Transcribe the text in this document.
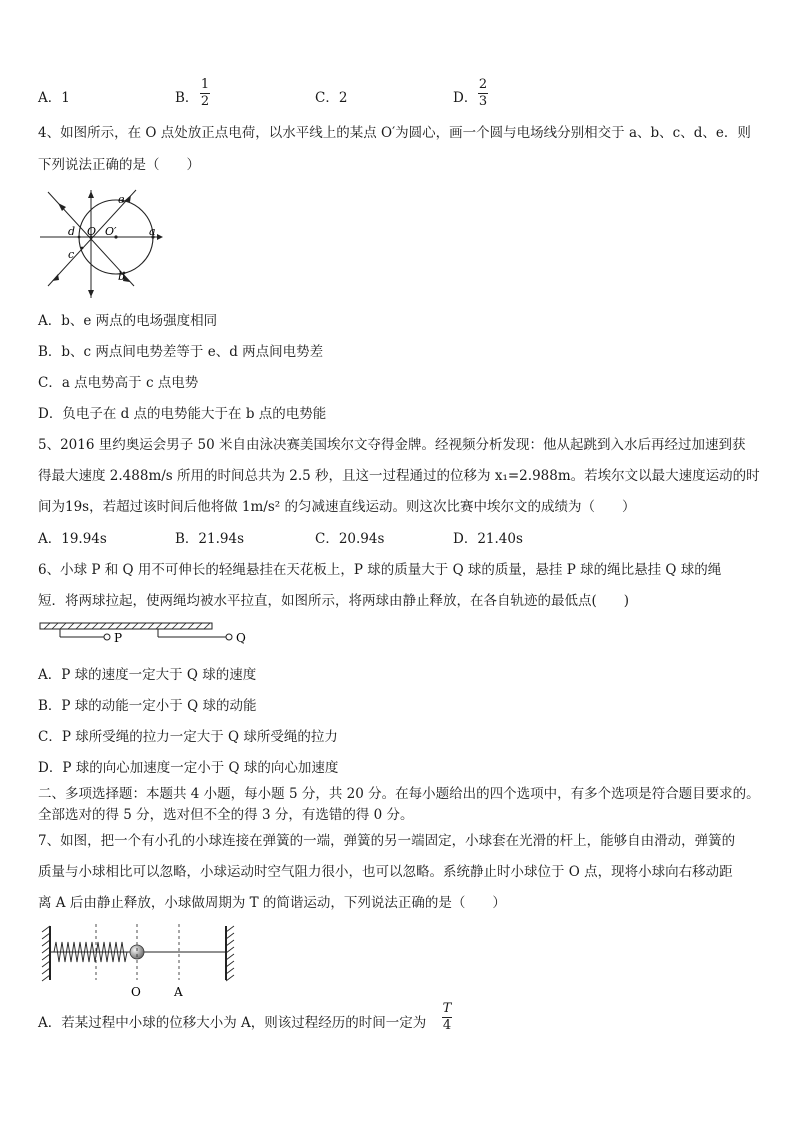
A．1	B．
1
2	C．2	D．
2
3
4、如图所示，在 O 点处放正点电荷，以水平线上的某点 O′为圆心，画一个圆与电场线分别相交于 a、b、c、d、e．则
下列说法正确的是（　　）
d O O′	a
e
c
b
A．b、e 两点的电场强度相同
B．b、c 两点间电势差等于 e、d 两点间电势差
C．a 点电势高于 c 点电势
D．负电子在 d 点的电势能大于在 b 点的电势能
5、2016 里约奥运会男子 50 米自由泳决赛美国埃尔文夺得金牌。经视频分析发现：他从起跳到入水后再经过加速到获
得最大速度 2.488m/s 所用的时间总共为 2.5 秒，且这一过程通过的位移为 x₁=2.988m。若埃尔文以最大速度运动的时
间为19s，若超过该时间后他将做 1m/s² 的匀减速直线运动。则这次比赛中埃尔文的成绩为（　　）
A．19.94s	B．21.94s	C．20.94s	D．21.40s
6、小球 P 和 Q 用不可伸长的轻绳悬挂在天花板上，P 球的质量大于 Q 球的质量，悬挂 P 球的绳比悬挂 Q 球的绳
短．将两球拉起，使两绳均被水平拉直，如图所示，将两球由静止释放，在各自轨迹的最低点(　　)
P	Q
A．P 球的速度一定大于 Q 球的速度
B．P 球的动能一定小于 Q 球的动能
C．P 球所受绳的拉力一定大于 Q 球所受绳的拉力
D．P 球的向心加速度一定小于 Q 球的向心加速度
二、多项选择题：本题共 4 小题，每小题 5 分，共 20 分。在每小题给出的四个选项中，有多个选项是符合题目要求的。
全部选对的得 5 分，选对但不全的得 3 分，有选错的得 0 分。
7、如图，把一个有小孔的小球连接在弹簧的一端，弹簧的另一端固定，小球套在光滑的杆上，能够自由滑动，弹簧的
质量与小球相比可以忽略，小球运动时空气阻力很小，也可以忽略。系统静止时小球位于 O 点，现将小球向右移动距
离 A 后由静止释放，小球做周期为 T 的简谐运动，下列说法正确的是（　　）
O	A
A．若某过程中小球的位移大小为 A，则该过程经历的时间一定为
T
4
